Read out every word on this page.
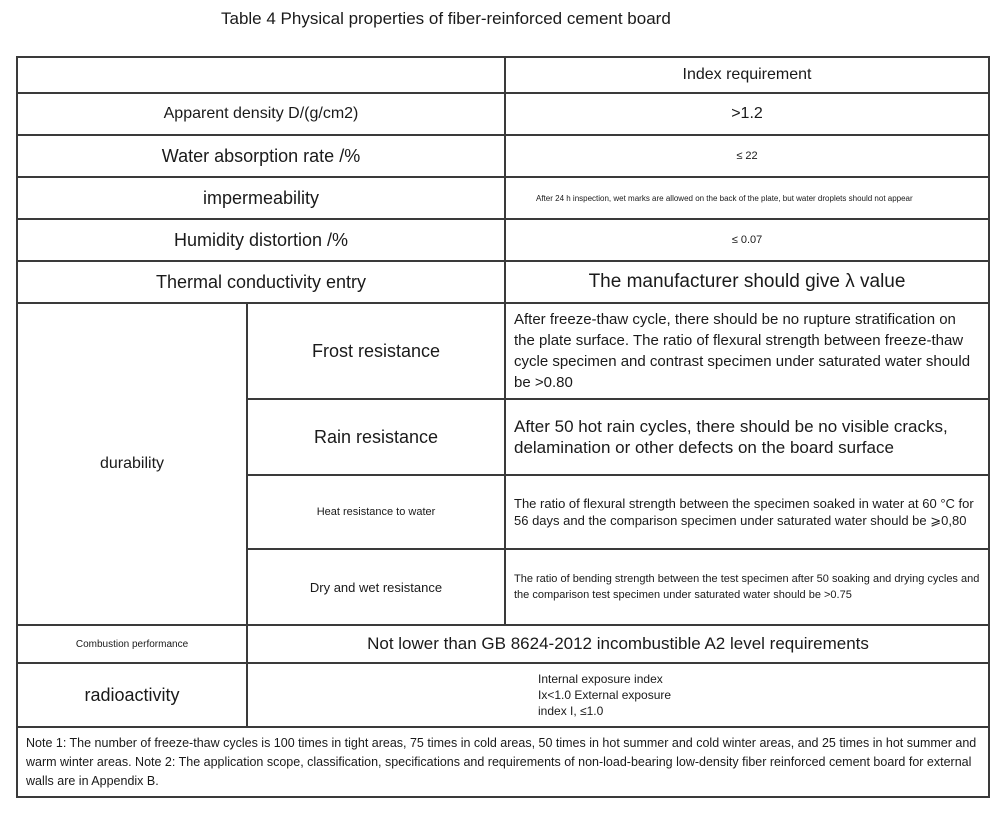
Table 4 Physical properties of fiber-reinforced cement board
		Index requirement
Apparent density D/(g/cm2)		>1.2
Water absorption rate /%		≤ 22
impermeability		After 24 h inspection, wet marks are allowed on the back of the plate, but water droplets should not appear
Humidity distortion /%		≤ 0.07
Thermal conductivity entry		The manufacturer should give λ value
durability	Frost resistance	After freeze-thaw cycle, there should be no rupture stratification on the plate surface. The ratio of flexural strength between freeze-thaw cycle specimen and contrast specimen under saturated water should be >0.80
	Rain resistance	After 50 hot rain cycles, there should be no visible cracks, delamination or other defects on the board surface
	Heat resistance to water	The ratio of flexural strength between the specimen soaked in water at 60 °C for 56 days and the comparison specimen under saturated water should be ⩾0,80
	Dry and wet resistance	The ratio of bending strength between the test specimen after 50 soaking and drying cycles and the comparison test specimen under saturated water should be >0.75
Combustion performance	Not lower than GB 8624-2012 incombustible A2 level requirements	
radioactivity	Internal exposure index
Ix<1.0 External exposure
index I, ≤1.0	

Note 1: The number of freeze-thaw cycles is 100 times in tight areas, 75 times in cold areas, 50 times in hot summer and cold winter areas, and 25 times in hot summer and warm winter areas. Note 2: The application scope, classification, specifications and requirements of non-load-bearing low-density fiber reinforced cement board for external walls are in Appendix B.		
